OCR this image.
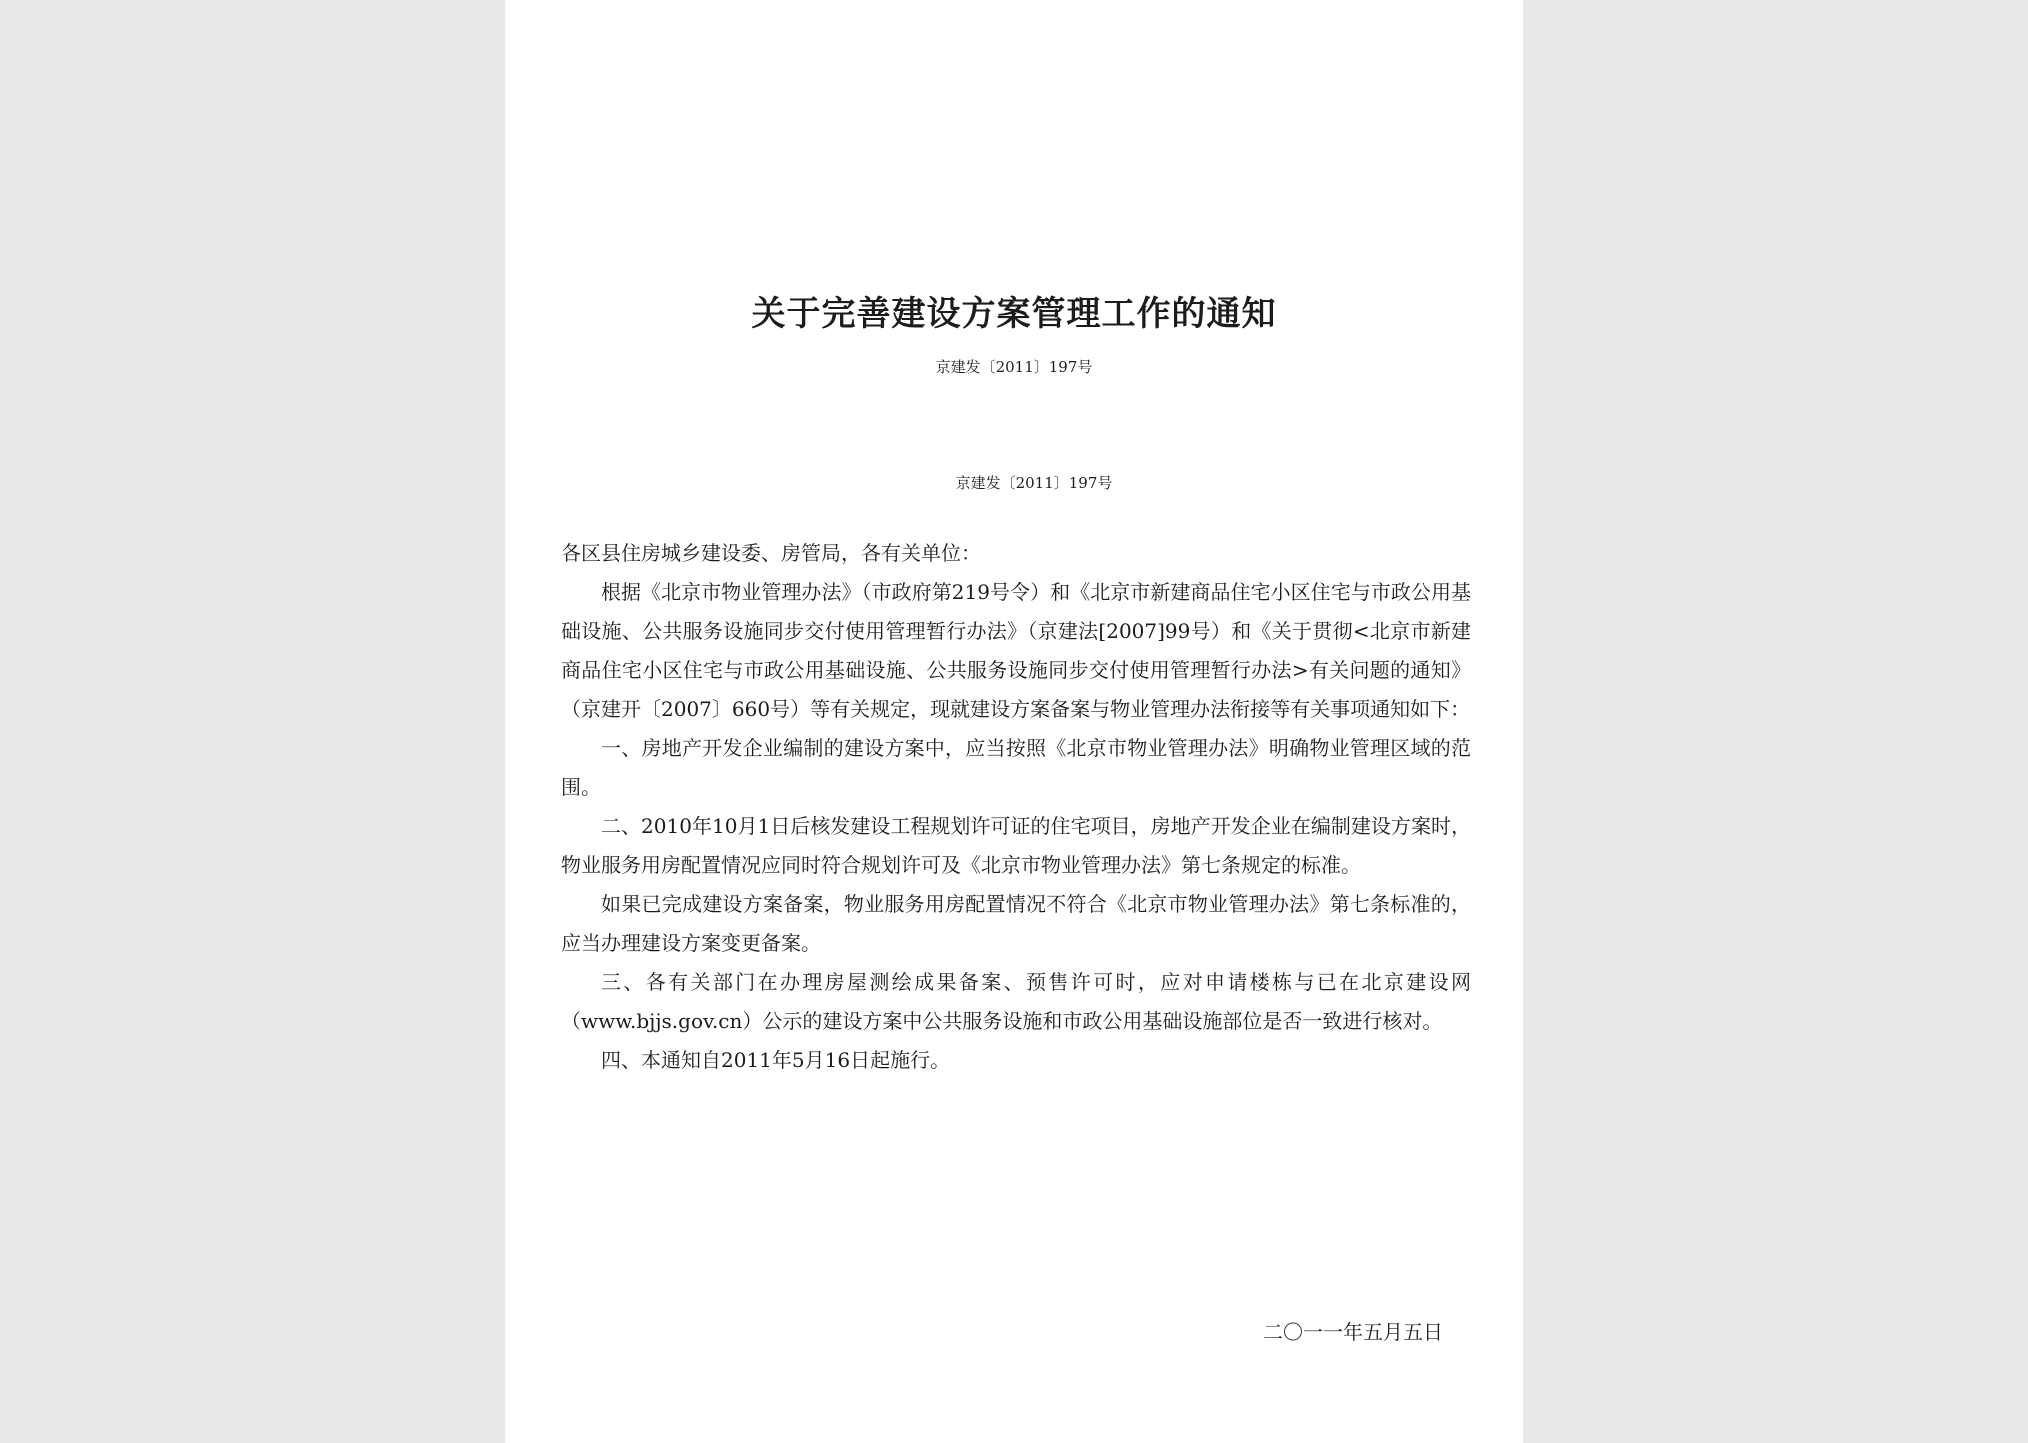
关于完善建设方案管理工作的通知
京建发〔2011〕197号
京建发〔2011〕197号

各区县住房城乡建设委、房管局，各有关单位：

根据《北京市物业管理办法》（市政府第219号令）和《北京市新建商品住宅小区住宅与市政公用基础设施、公共服务设施同步交付使用管理暂行办法》（京建法[2007]99号）和《关于贯彻<北京市新建商品住宅小区住宅与市政公用基础设施、公共服务设施同步交付使用管理暂行办法>有关问题的通知》（京建开〔2007〕660号）等有关规定，现就建设方案备案与物业管理办法衔接等有关事项通知如下：

一、房地产开发企业编制的建设方案中，应当按照《北京市物业管理办法》明确物业管理区域的范围。

二、2010年10月1日后核发建设工程规划许可证的住宅项目，房地产开发企业在编制建设方案时，物业服务用房配置情况应同时符合规划许可及《北京市物业管理办法》第七条规定的标准。

如果已完成建设方案备案，物业服务用房配置情况不符合《北京市物业管理办法》第七条标准的，应当办理建设方案变更备案。

三、各有关部门在办理房屋测绘成果备案、预售许可时，应对申请楼栋与已在北京建设网（www.bjjs.gov.cn）公示的建设方案中公共服务设施和市政公用基础设施部位是否一致进行核对。

四、本通知自2011年5月16日起施行。

二〇一一年五月五日
